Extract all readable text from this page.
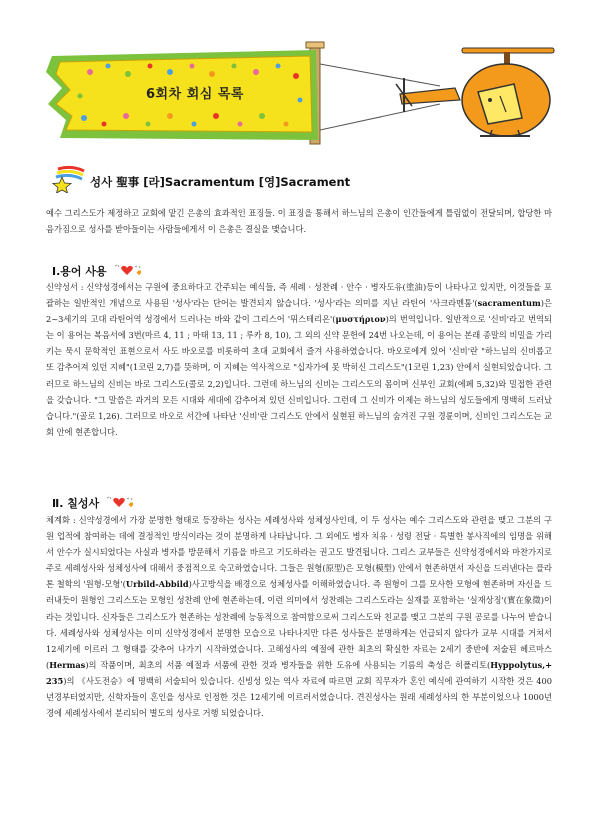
6회차 회심 목록
성사 聖事 [라]Sacramentum [영]Sacrament
예수 그리스도가 제정하고 교회에 맡긴 은총의 효과적인 표징들. 이 표징을 통해서 하느님의 은총이 인간들에게 틀림없이 전달되며, 합당한 마음가짐으로 성사를 받아들이는 사람들에게서 이 은총은 결실을 맺습니다.
Ⅰ.용어 사용
신약성서 : 신약성경에서는 구원에 중요하다고 간주되는 예식들, 즉 세례 · 성찬례 · 안수 · 병자도유(塗油)등이 나타나고 있지만, 이것들을 포괄하는 일반적인 개념으로 사용된 '성사'라는 단어는 발견되지 않습니다. '성사'라는 의미를 지닌 라틴어 '사크라멘툼'(sacramentum)은 2~3세기의 고대 라틴어역 성경에서 드러나는 바와 같이 그리스어 '뮈스테리온'(μυστήριον)의 번역입니다. 일반적으로 '신비'라고 번역되는 이 용어는 복음서에 3번(마르 4, 11 ; 마태 13, 11 ; 루카 8, 10), 그 외의 신약 문헌에 24번 나오는데, 이 용어는 본래 종말의 비밀을 가리키는 묵시 문학적인 표현으로서 사도 바오로를 비롯하여 초대 교회에서 즐겨 사용하였습니다. 바오로에게 있어 '신비'란 "하느님의 신비롭고 또 감추어져 있던 지혜"(1코린 2,7)를 뜻하며, 이 지혜는 역사적으로 "십자가에 못 박히신 그리스도"(1코린 1,23) 안에서 실현되었습니다. 그러므로 하느님의 신비는 바로 그리스도(콜로 2,2)입니다. 그런데 하느님의 신비는 그리스도의 몸이며 신부인 교회(에페 5,32)와 밀접한 관련을 갖습니다. "그 말씀은 과거의 모든 시대와 세대에 감추어져 있던 신비입니다. 그런데 그 신비가 이제는 하느님의 성도들에게 명백히 드러났습니다."(골로 1,26). 그러므로 바오로 서간에 나타난 '신비'란 그리스도 안에서 실현된 하느님의 숨겨진 구원 경륜이며, 신비인 그리스도는 교회 안에 현존합니다.
Ⅱ. 칠성사
체계화 : 신약성경에서 가장 분명한 형태로 등장하는 성사는 세례성사와 성체성사인데, 이 두 성사는 예수 그리스도와 관련을 맺고 그분의 구원 업적에 참여하는 데에 결정적인 방식이라는 것이 분명하게 나타납니다. 그 외에도 병자 치유 · 성령 전달 · 특별한 봉사직에의 임명을 위해서 안수가 실시되었다는 사실과 병자를 방문해서 기름을 바르고 기도하라는 권고도 발견됩니다. 그리스 교부들은 신약성경에서와 마찬가지로 주로 세례성사와 성체성사에 대해서 중점적으로 숙고하였습니다. 그들은 원형(原型)은 모형(模型) 안에서 현존하면서 자신을 드러낸다는 플라톤 철학의 '원형-모형'(Urbild-Abbild)사고방식을 배경으로 성체성사를 이해하였습니다. 즉 원형이 그를 모사한 모형에 현존하며 자신을 드러내듯이 원형인 그리스도는 모형인 성찬례 안에 현존하는데, 이런 의미에서 성찬례는 그리스도라는 실재를 포함하는 '실재상징'(實在象徵)이라는 것입니다. 신자들은 그리스도가 현존하는 성찬례에 능동적으로 참여함으로써 그리스도와 친교를 맺고 그분의 구원 공로를 나누어 받습니다. 세례성사와 성체성사는 이미 신약성경에서 분명한 모습으로 나타나지만 다른 성사들은 분명하게는 언급되지 않다가 교부 시대를 거쳐서 12세기에 이르러 그 형태를 갖추어 나가기 시작하였습니다. 고해성사의 예절에 관한 최초의 확실한 자료는 2세기 중반에 저술된 헤르마스(Hermas)의 작품이며, 최초의 서품 예절과 서품에 관한 것과 병자들을 위한 도유에 사용되는 기름의 축성은 히폴리토(Hyppolytus,+ 235)의 《사도전승》에 명백히 서술되어 있습니다. 신빙성 있는 역사 자료에 따르면 교회 직무자가 혼인 예식에 관여하기 시작한 것은 400년경부터였지만, 신학자들이 혼인을 성사로 인정한 것은 12세기에 이르러서였습니다. 견진성사는 원래 세례성사의 한 부분이었으나 1000년경에 세례성사에서 분리되어 별도의 성사로 거행 되었습니다.
